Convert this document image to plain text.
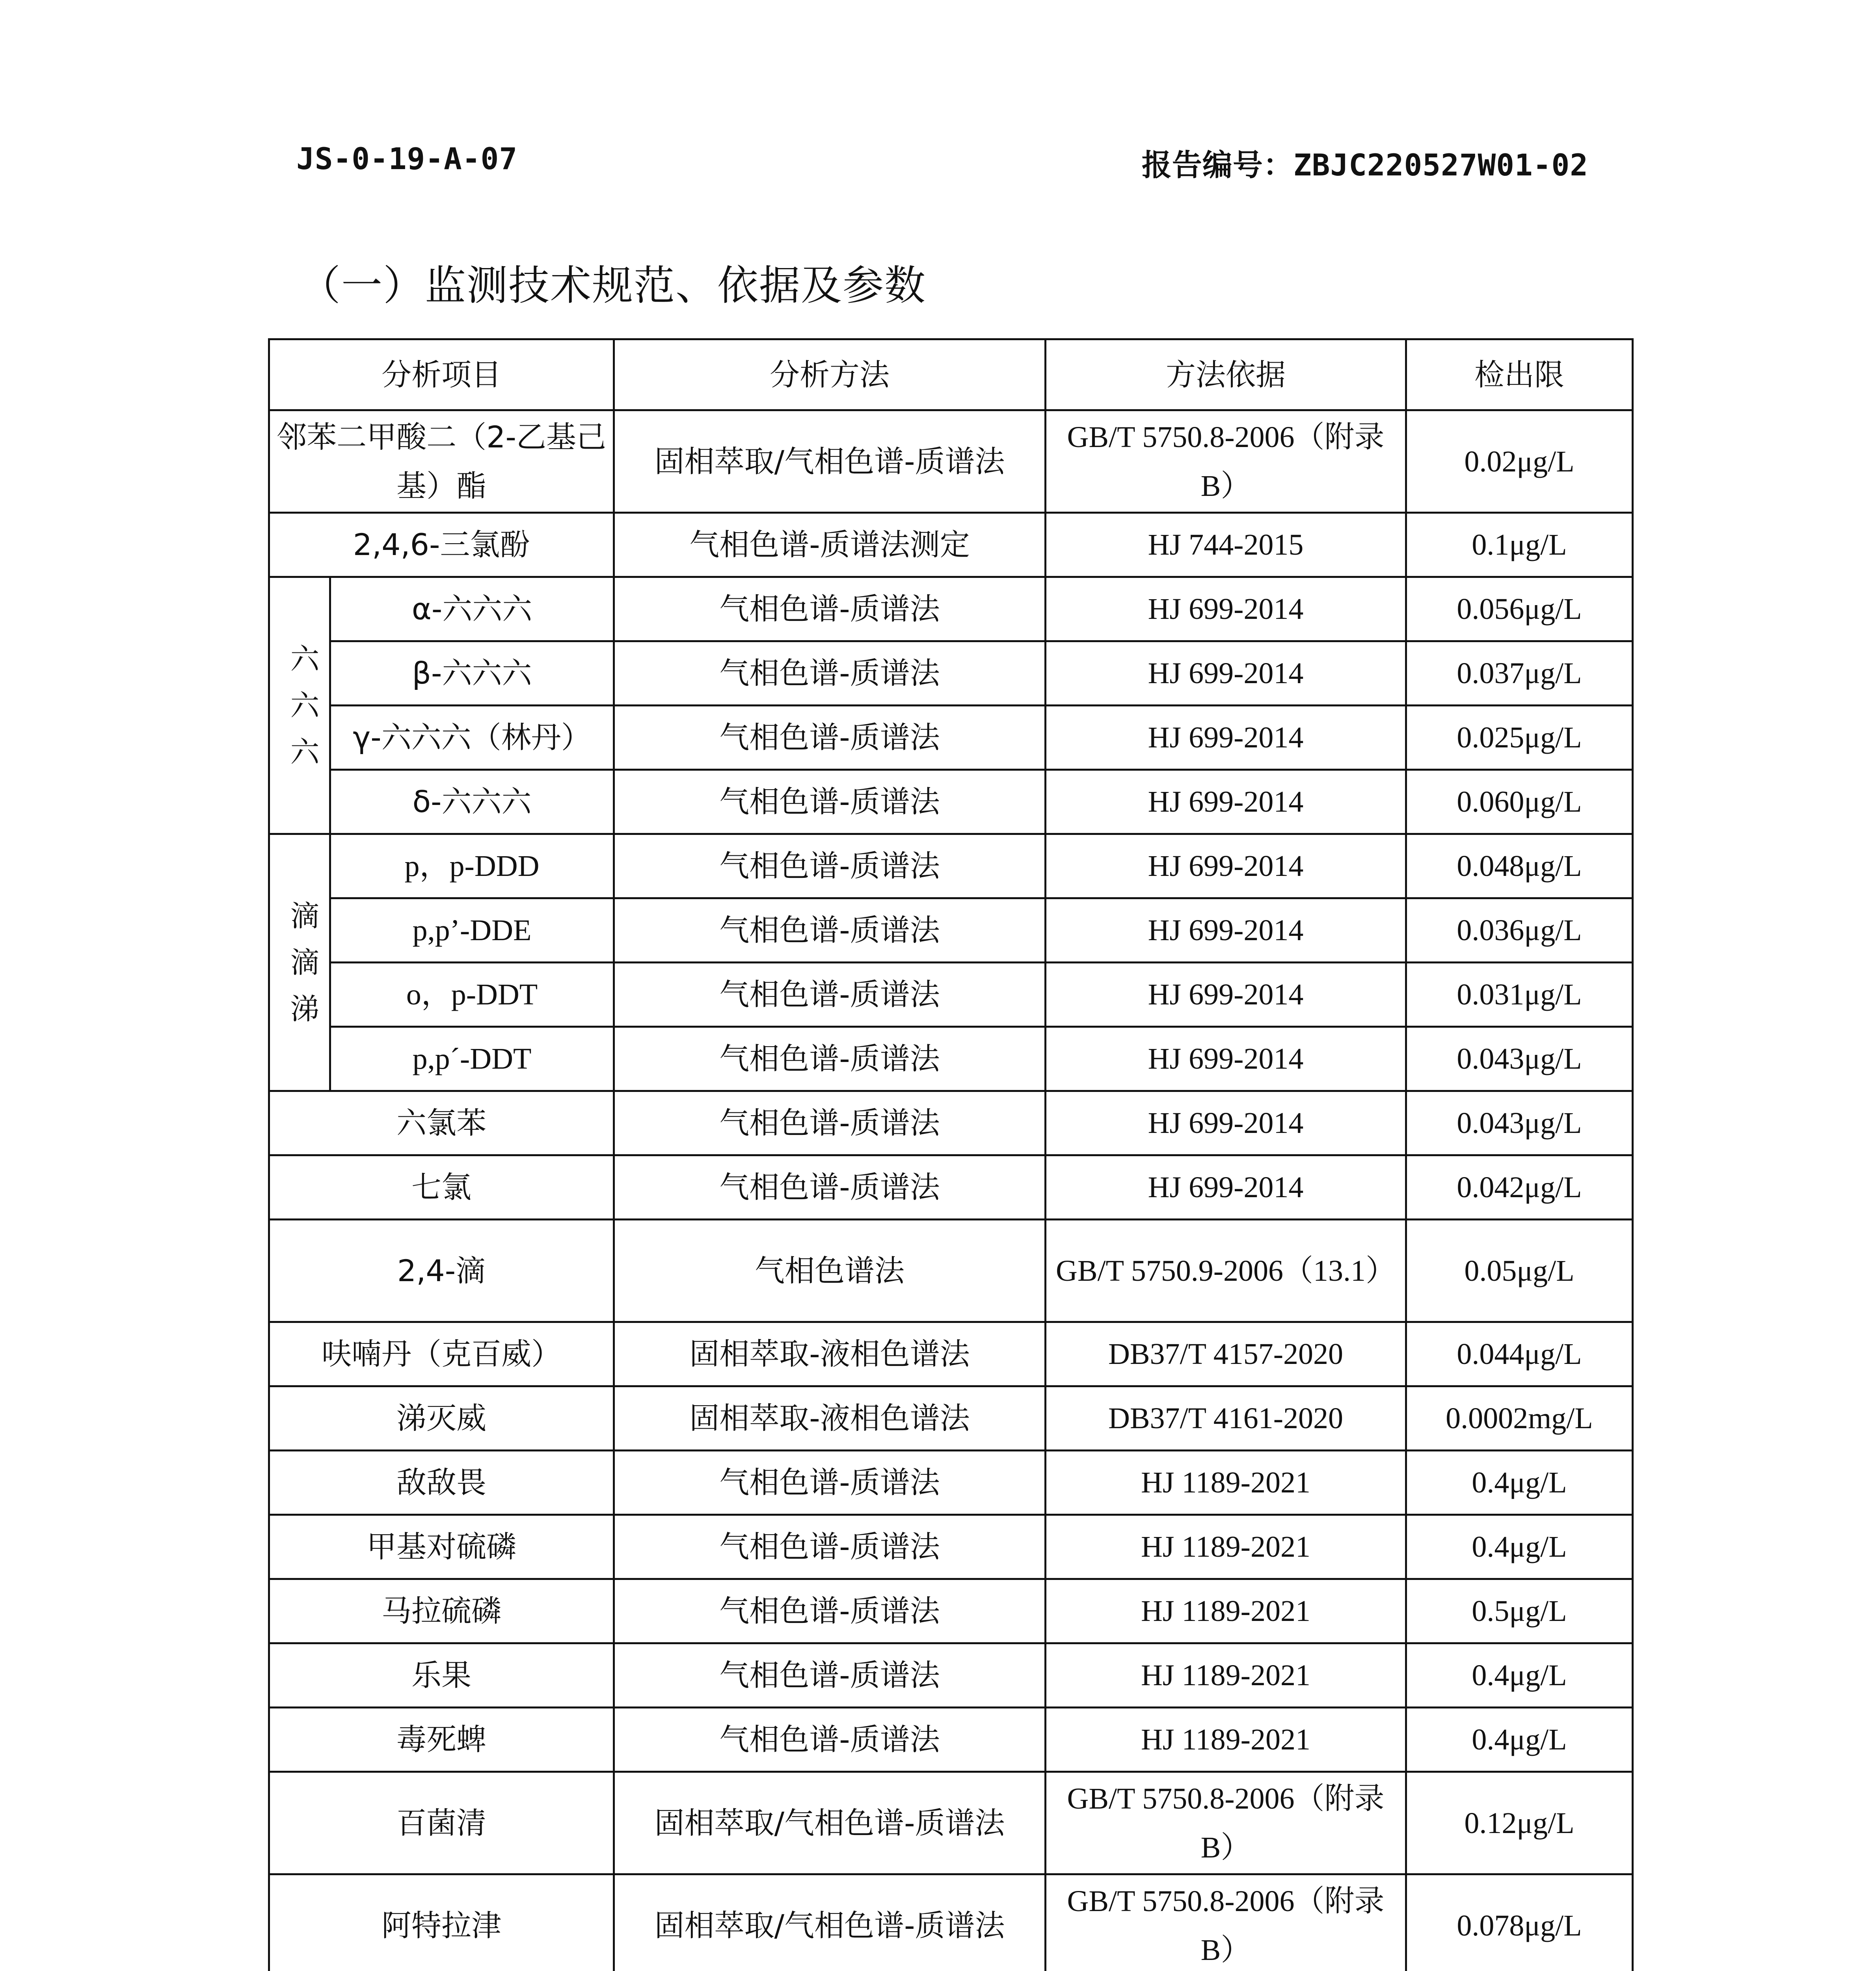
JS-0-19-A-07	报告编号：ZBJC220527W01-02
（一）监测技术规范、依据及参数
分析项目		分析方法	方法依据	检出限
邻苯二甲酸二（2-乙基己基）酯		固相萃取/气相色谱-质谱法	GB/T 5750.8-2006（附录B）	0.02μg/L
2,4,6-三氯酚		气相色谱-质谱法测定	HJ 744-2015	0.1μg/L

六六六	α-六六六	气相色谱-质谱法	HJ 699-2014	0.056μg/L
	β-六六六	气相色谱-质谱法	HJ 699-2014	0.037μg/L
	γ-六六六（林丹）	气相色谱-质谱法	HJ 699-2014	0.025μg/L
	δ-六六六	气相色谱-质谱法	HJ 699-2014	0.060μg/L

滴滴涕	p，p-DDD	气相色谱-质谱法	HJ 699-2014	0.048μg/L
	p,p’-DDE	气相色谱-质谱法	HJ 699-2014	0.036μg/L
	o，p-DDT	气相色谱-质谱法	HJ 699-2014	0.031μg/L
	p,p´-DDT	气相色谱-质谱法	HJ 699-2014	0.043μg/L
六氯苯		气相色谱-质谱法	HJ 699-2014	0.043μg/L
七氯		气相色谱-质谱法	HJ 699-2014	0.042μg/L
2,4-滴		气相色谱法	GB/T 5750.9-2006（13.1）	0.05μg/L
呋喃丹（克百威）		固相萃取-液相色谱法	DB37/T 4157-2020	0.044μg/L
涕灭威		固相萃取-液相色谱法	DB37/T 4161-2020	0.0002mg/L
敌敌畏		气相色谱-质谱法	HJ 1189-2021	0.4μg/L
甲基对硫磷		气相色谱-质谱法	HJ 1189-2021	0.4μg/L
马拉硫磷		气相色谱-质谱法	HJ 1189-2021	0.5μg/L
乐果		气相色谱-质谱法	HJ 1189-2021	0.4μg/L
毒死蜱		气相色谱-质谱法	HJ 1189-2021	0.4μg/L
百菌清		固相萃取/气相色谱-质谱法	GB/T 5750.8-2006（附录B）	0.12μg/L
阿特拉津		固相萃取/气相色谱-质谱法	GB/T 5750.8-2006（附录B）	0.078μg/L
